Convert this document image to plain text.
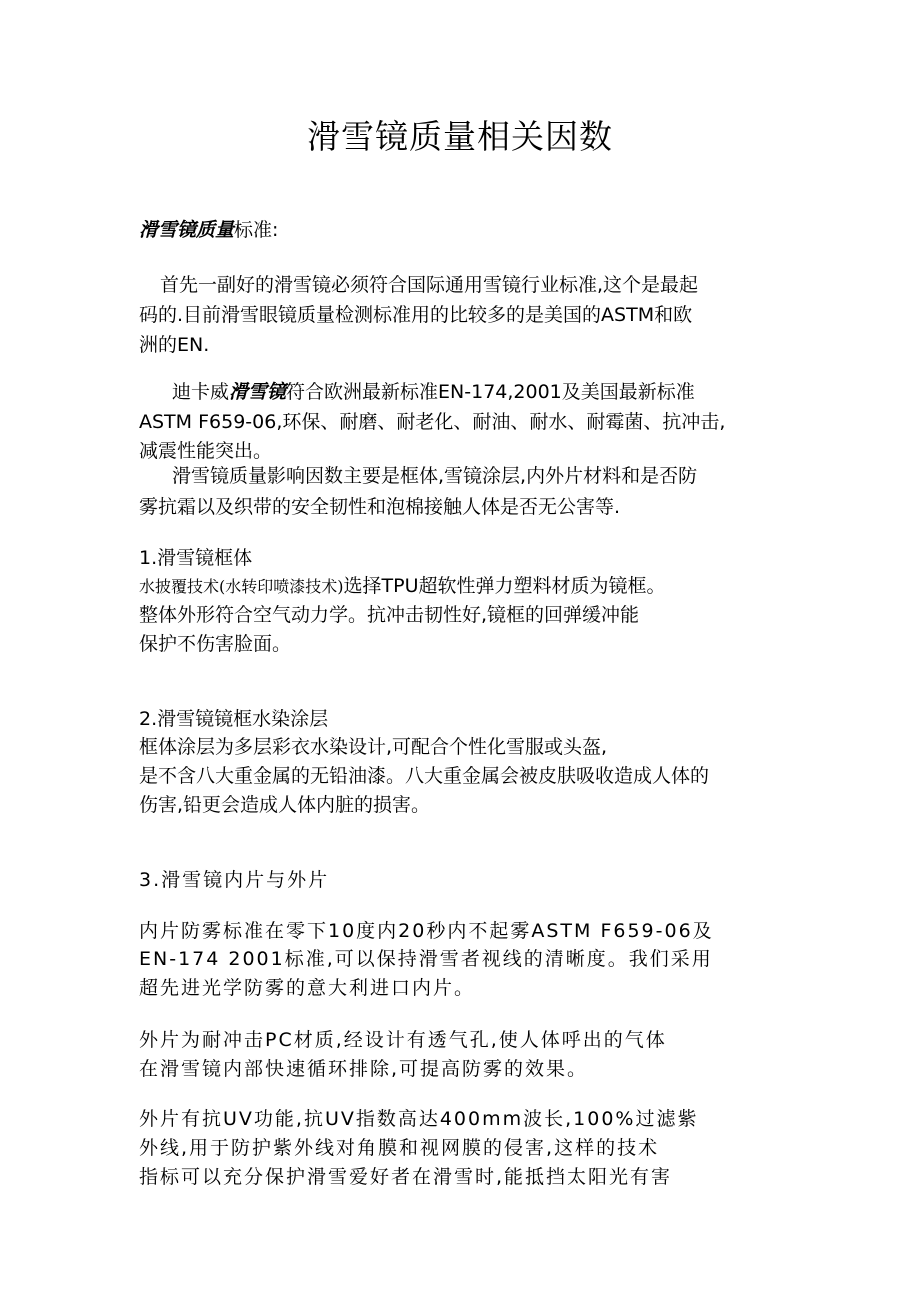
滑雪镜质量相关因数
滑雪镜质量标准:
首先一副好的滑雪镜必须符合国际通用雪镜行业标准,这个是最起
码的.目前滑雪眼镜质量检测标准用的比较多的是美国的ASTM和欧
洲的EN.
迪卡威滑雪镜符合欧洲最新标准EN-174,2001及美国最新标准
ASTM F659-06,环保、耐磨、耐老化、耐油、耐水、耐霉菌、抗冲击,
减震性能突出。
滑雪镜质量影响因数主要是框体,雪镜涂层,内外片材料和是否防
雾抗霜以及织带的安全韧性和泡棉接触人体是否无公害等.
1.滑雪镜框体
水披覆技术(水转印喷漆技术)选择TPU超软性弹力塑料材质为镜框。
整体外形符合空气动力学。抗冲击韧性好,镜框的回弹缓冲能
保护不伤害脸面。
2.滑雪镜镜框水染涂层
框体涂层为多层彩衣水染设计,可配合个性化雪服或头盔,
是不含八大重金属的无铅油漆。八大重金属会被皮肤吸收造成人体的
伤害,铅更会造成人体内脏的损害。
3.滑雪镜内片与外片
内片防雾标准在零下10度内20秒内不起雾ASTM F659-06及
EN-174 2001标准,可以保持滑雪者视线的清晰度。我们采用
超先进光学防雾的意大利进口内片。
外片为耐冲击PC材质,经设计有透气孔,使人体呼出的气体
在滑雪镜内部快速循环排除,可提高防雾的效果。
外片有抗UV功能,抗UV指数高达400mm波长,100%过滤紫
外线,用于防护紫外线对角膜和视网膜的侵害,这样的技术
指标可以充分保护滑雪爱好者在滑雪时,能抵挡太阳光有害
